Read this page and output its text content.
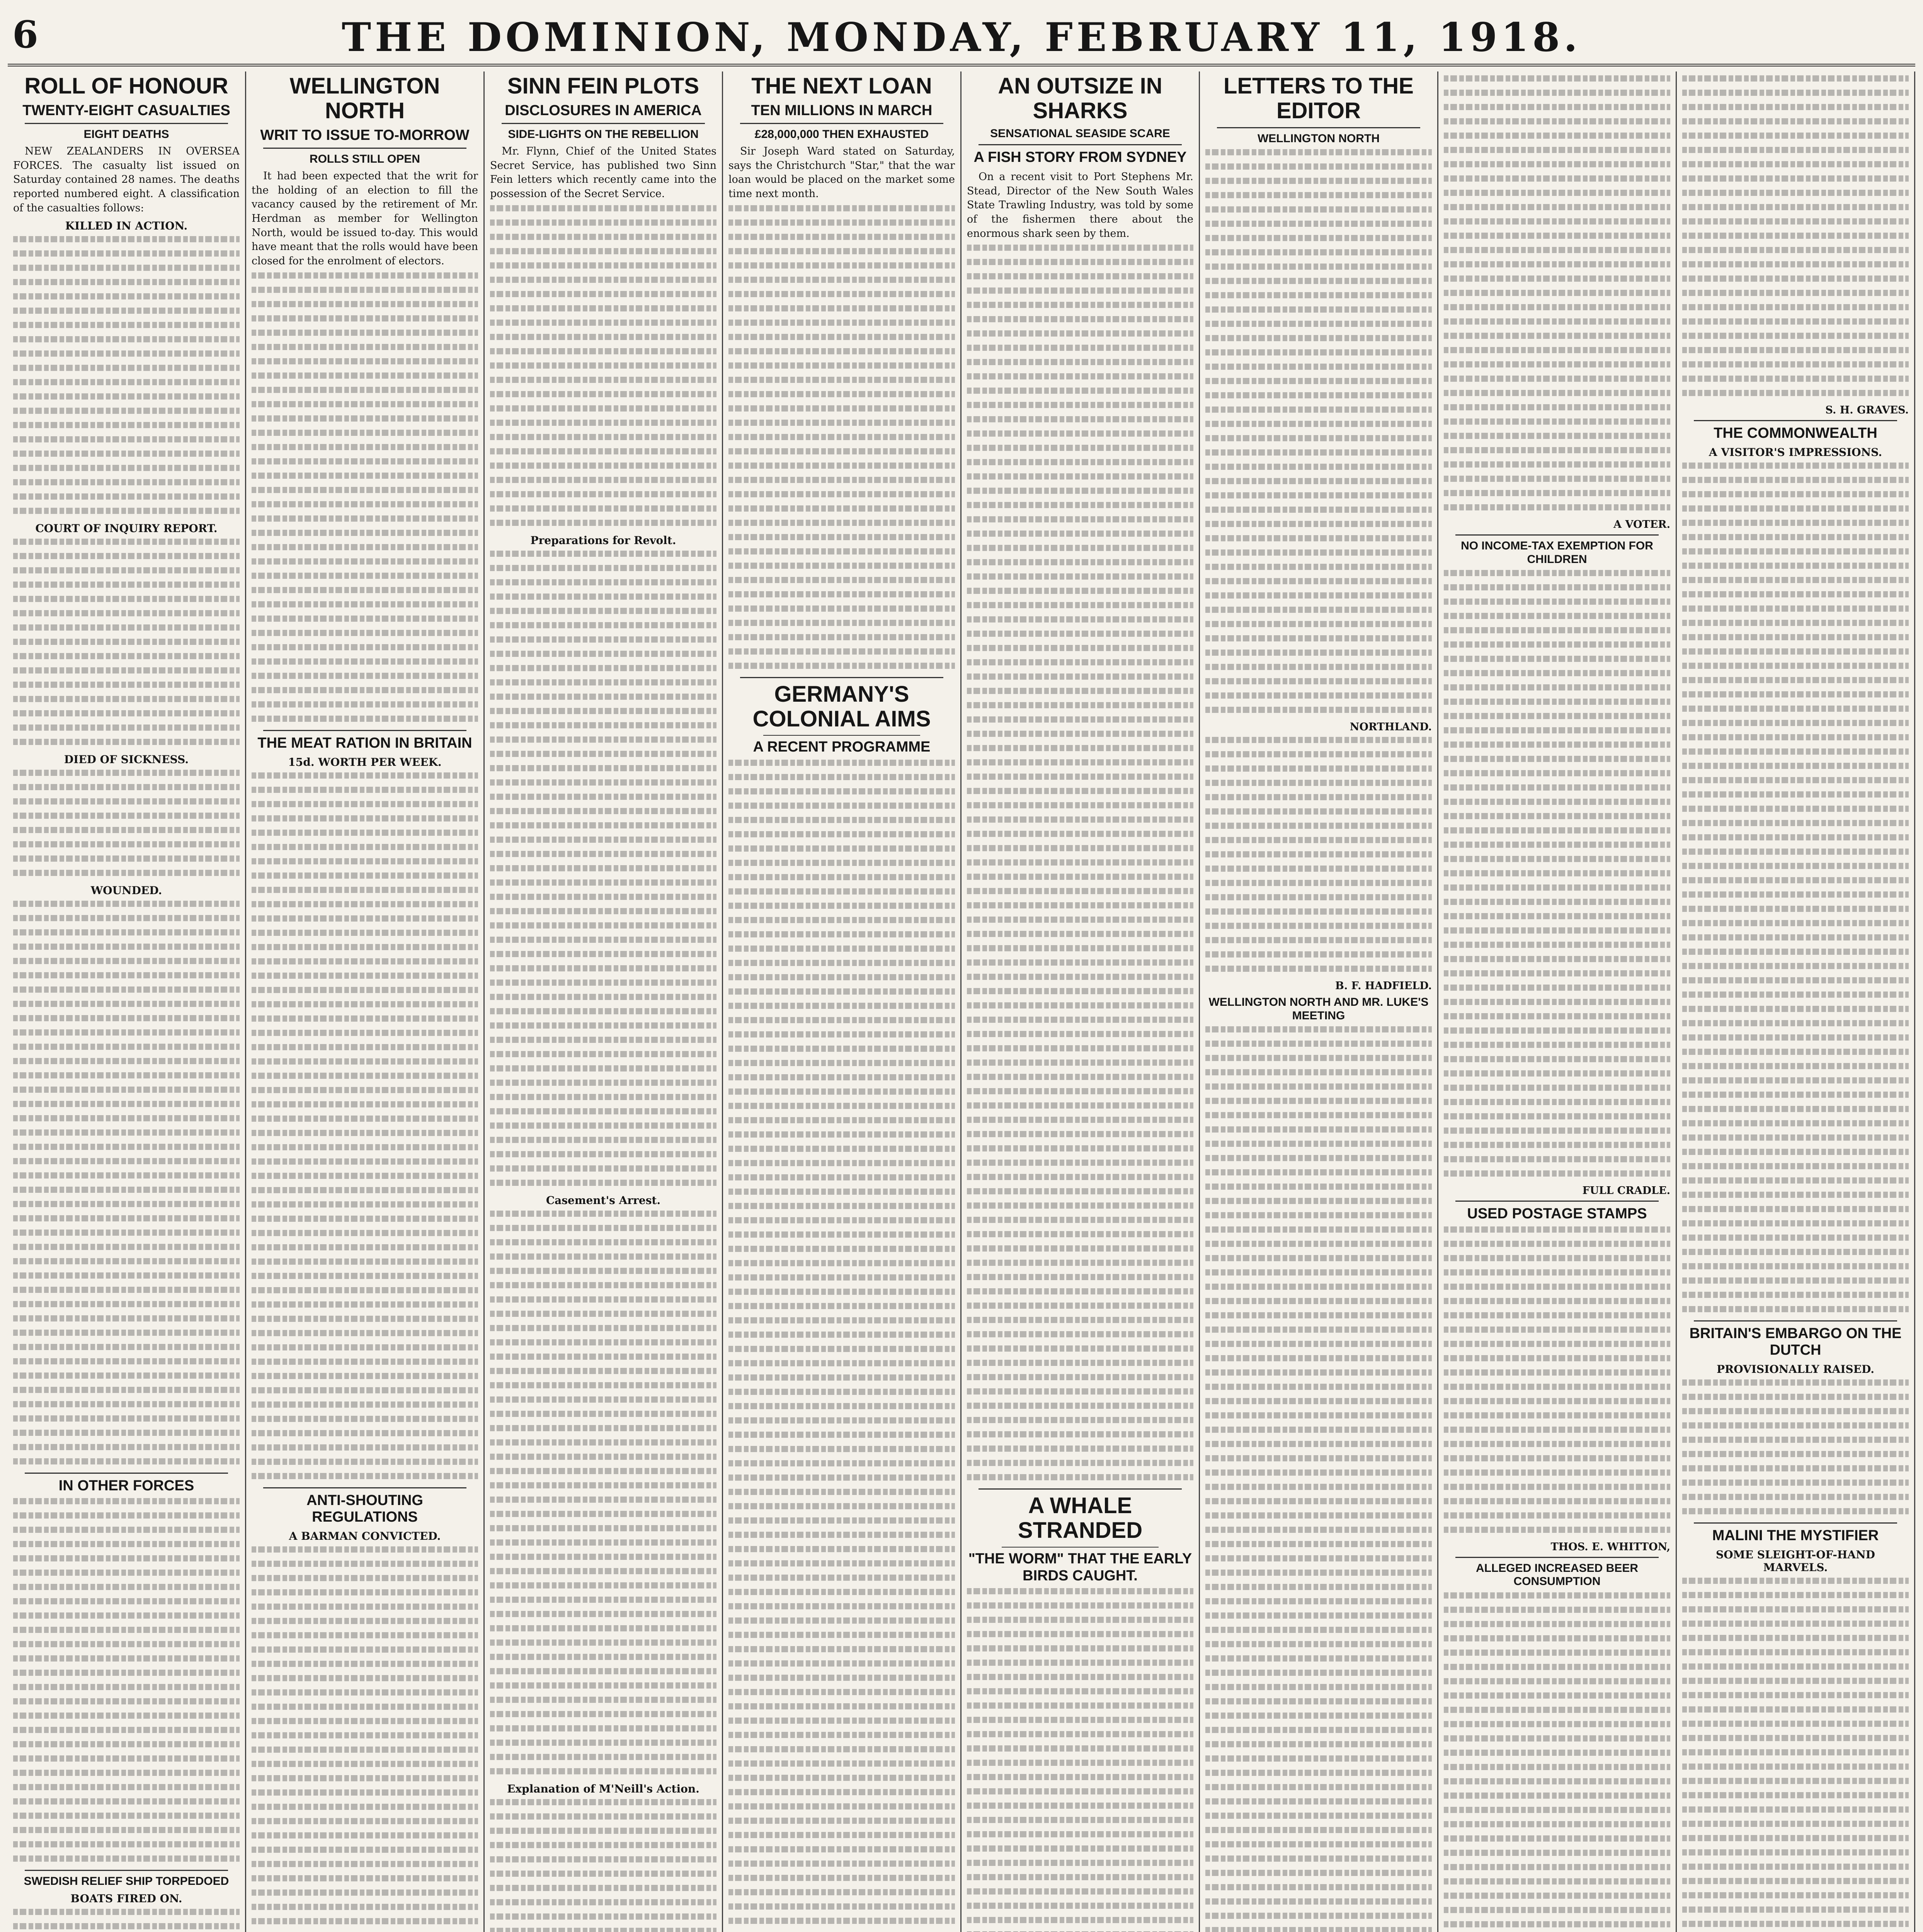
6	THE DOMINION, MONDAY, FEBRUARY 11, 1918.
ROLL OF HONOUR
TWENTY-EIGHT CASUALTIES
EIGHT DEATHS
NEW ZEALANDERS IN OVERSEA FORCES. The casualty list issued on Saturday contained 28 names. The deaths reported numbered eight. A classification of the casualties follows:
KILLED IN ACTION.
COURT OF INQUIRY REPORT.
DIED OF SICKNESS.
WOUNDED.
IN OTHER FORCES
SWEDISH RELIEF SHIP TORPEDOED
BOATS FIRED ON.
WELLINGTON NORTH
WRIT TO ISSUE TO-MORROW
ROLLS STILL OPEN
It had been expected that the writ for the holding of an election to fill the vacancy caused by the retirement of Mr. Herdman as member for Wellington North, would be issued to-day. This would have meant that the rolls would have been closed for the enrolment of electors.
THE MEAT RATION IN BRITAIN
15d. WORTH PER WEEK.
ANTI-SHOUTING REGULATIONS
A BARMAN CONVICTED.
SINN FEIN PLOTS
DISCLOSURES IN AMERICA
SIDE-LIGHTS ON THE REBELLION
Mr. Flynn, Chief of the United States Secret Service, has published two Sinn Fein letters which recently came into the possession of the Secret Service.
Preparations for Revolt.
Casement's Arrest.
Explanation of M'Neill's Action.
THE NEXT LOAN
TEN MILLIONS IN MARCH
£28,000,000 THEN EXHAUSTED
Sir Joseph Ward stated on Saturday, says the Christchurch "Star," that the war loan would be placed on the market some time next month.
GERMANY'S COLONIAL AIMS
A RECENT PROGRAMME
AN OUTSIZE IN SHARKS
SENSATIONAL SEASIDE SCARE
A FISH STORY FROM SYDNEY
On a recent visit to Port Stephens Mr. Stead, Director of the New South Wales State Trawling Industry, was told by some of the fishermen there about the enormous shark seen by them.
A WHALE STRANDED
"THE WORM" THAT THE EARLY BIRDS CAUGHT.
LETTERS TO THE EDITOR
WELLINGTON NORTH
NORTHLAND.
B. F. HADFIELD.
WELLINGTON NORTH AND MR. LUKE'S MEETING
A VOTER.
NO INCOME-TAX EXEMPTION FOR CHILDREN
FULL CRADLE.
USED POSTAGE STAMPS
THOS. E. WHITTON,
ALLEGED INCREASED BEER CONSUMPTION
S. H. GRAVES.
THE COMMONWEALTH
A VISITOR'S IMPRESSIONS.
BRITAIN'S EMBARGO ON THE DUTCH
PROVISIONALLY RAISED.
MALINI THE MYSTIFIER
SOME SLEIGHT-OF-HAND MARVELS.
